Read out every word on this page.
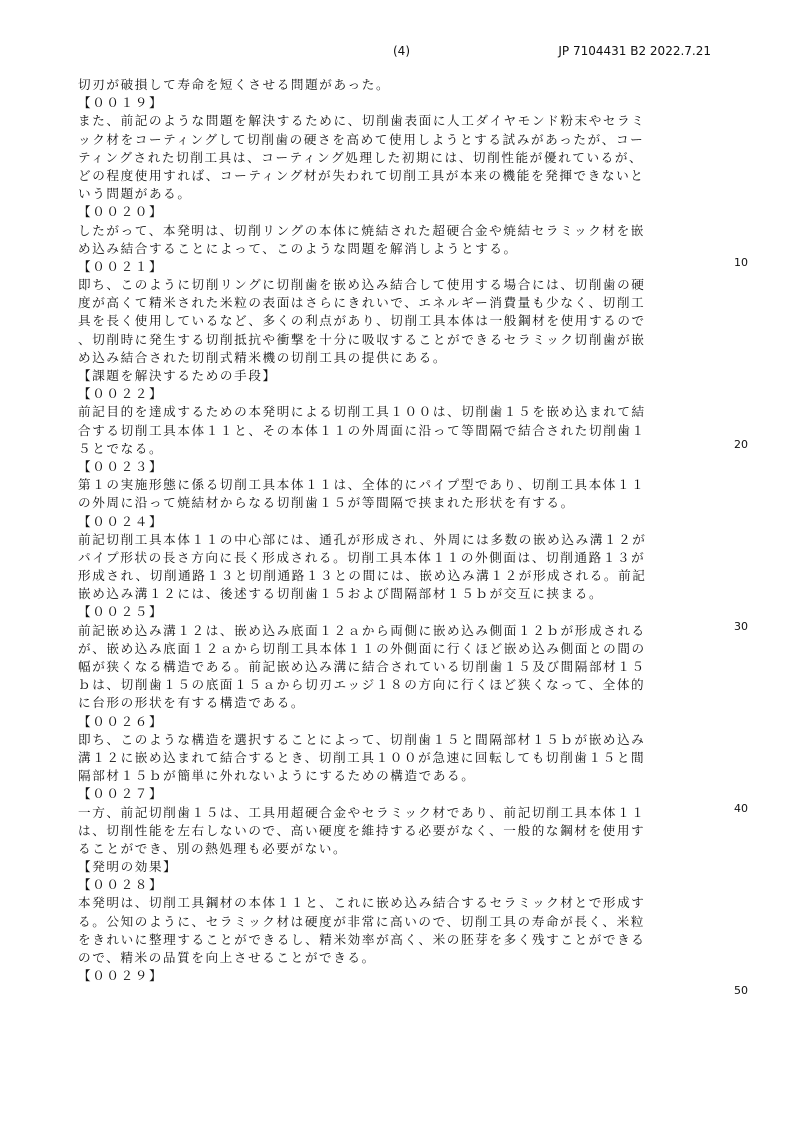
(4)	JP 7104431 B2 2022.7.21
切刃が破損して寿命を短くさせる問題があった。
【００１９】
また、前記のような問題を解決するために、切削歯表面に人工ダイヤモンド粉末やセラミ
ック材をコーティングして切削歯の硬さを高めて使用しようとする試みがあったが、コー
ティングされた切削工具は、コーティング処理した初期には、切削性能が優れているが、
どの程度使用すれば、コーティング材が失われて切削工具が本来の機能を発揮できないと
いう問題がある。
【００２０】
したがって、本発明は、切削リングの本体に焼結された超硬合金や焼結セラミック材を嵌
め込み結合することによって、このような問題を解消しようとする。
【００２１】
即ち、このように切削リングに切削歯を嵌め込み結合して使用する場合には、切削歯の硬
度が高くて精米された米粒の表面はさらにきれいで、エネルギー消費量も少なく、切削工
具を長く使用しているなど、多くの利点があり、切削工具本体は一般鋼材を使用するので
、切削時に発生する切削抵抗や衝撃を十分に吸収することができるセラミック切削歯が嵌
め込み結合された切削式精米機の切削工具の提供にある。
【課題を解決するための手段】
【００２２】
前記目的を達成するための本発明による切削工具１００は、切削歯１５を嵌め込まれて結
合する切削工具本体１１と、その本体１１の外周面に沿って等間隔で結合された切削歯１
５とでなる。
【００２３】
第１の実施形態に係る切削工具本体１１は、全体的にパイプ型であり、切削工具本体１１
の外周に沿って焼結材からなる切削歯１５が等間隔で挟まれた形状を有する。
【００２４】
前記切削工具本体１１の中心部には、通孔が形成され、外周には多数の嵌め込み溝１２が
パイプ形状の長さ方向に長く形成される。切削工具本体１１の外側面は、切削通路１３が
形成され、切削通路１３と切削通路１３との間には、嵌め込み溝１２が形成される。前記
嵌め込み溝１２には、後述する切削歯１５および間隔部材１５ｂが交互に挟まる。
【００２５】
前記嵌め込み溝１２は、嵌め込み底面１２ａから両側に嵌め込み側面１２ｂが形成される
が、嵌め込み底面１２ａから切削工具本体１１の外側面に行くほど嵌め込み側面との間の
幅が狭くなる構造である。前記嵌め込み溝に結合されている切削歯１５及び間隔部材１５
ｂは、切削歯１５の底面１５ａから切刃エッジ１８の方向に行くほど狭くなって、全体的
に台形の形状を有する構造である。
【００２６】
即ち、このような構造を選択することによって、切削歯１５と間隔部材１５ｂが嵌め込み
溝１２に嵌め込まれて結合するとき、切削工具１００が急速に回転しても切削歯１５と間
隔部材１５ｂが簡単に外れないようにするための構造である。
【００２７】
一方、前記切削歯１５は、工具用超硬合金やセラミック材であり、前記切削工具本体１１
は、切削性能を左右しないので、高い硬度を維持する必要がなく、一般的な鋼材を使用す
ることができ、別の熱処理も必要がない。
【発明の効果】
【００２８】
本発明は、切削工具鋼材の本体１１と、これに嵌め込み結合するセラミック材とで形成す
る。公知のように、セラミック材は硬度が非常に高いので、切削工具の寿命が長く、米粒
をきれいに整理することができるし、精米効率が高く、米の胚芽を多く残すことができる
ので、精米の品質を向上させることができる。
【００２９】
10
20
30
40
50
